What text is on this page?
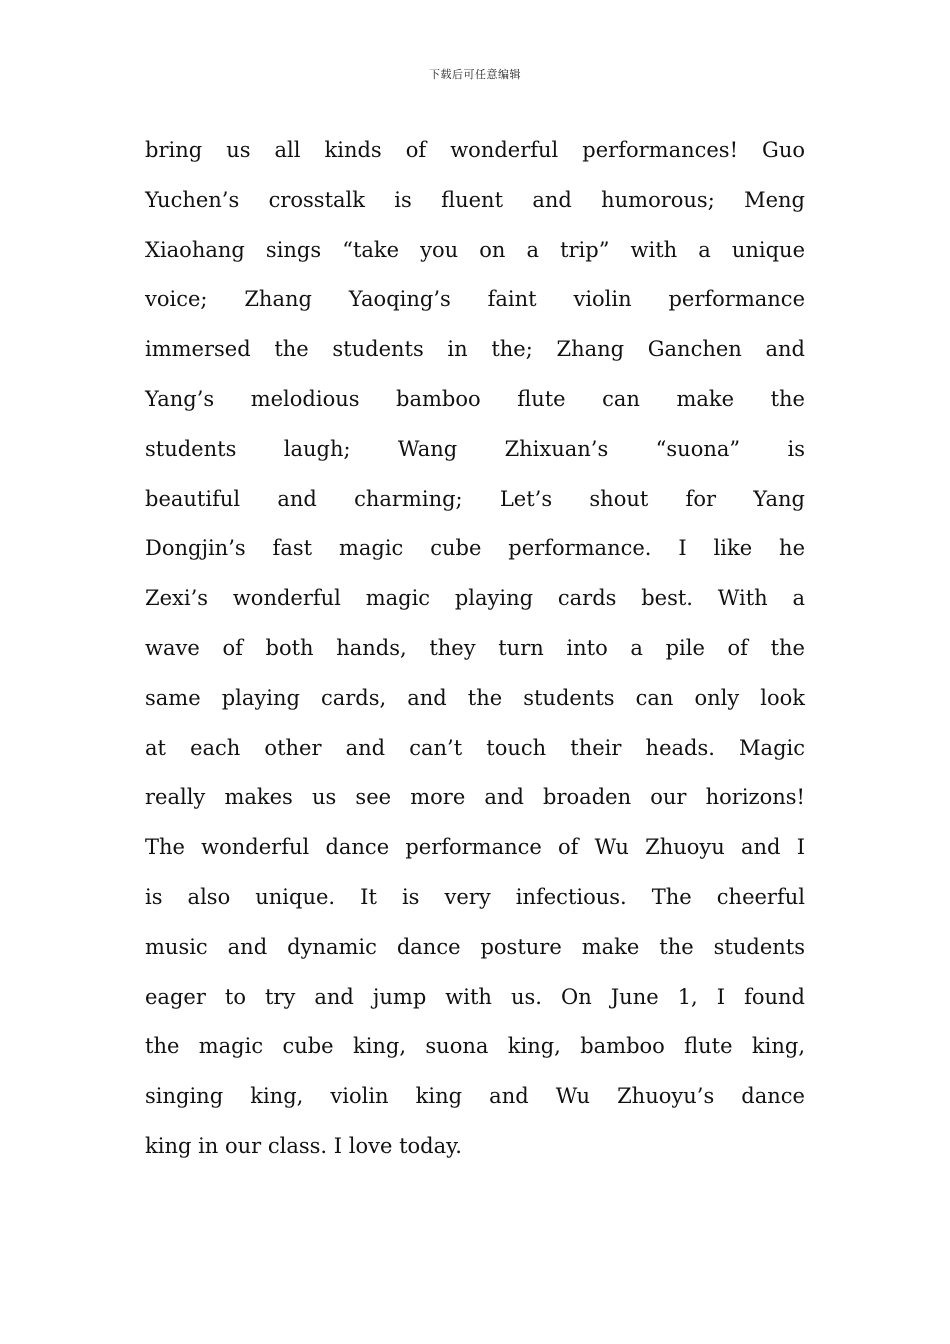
下载后可任意编辑
bring us all kinds of wonderful performances! Guo
Yuchen’s crosstalk is fluent and humorous; Meng
Xiaohang sings “take you on a trip” with a unique
voice; Zhang Yaoqing’s faint violin performance
immersed the students in the; Zhang Ganchen and
Yang’s melodious bamboo flute can make the
students laugh; Wang Zhixuan’s “suona” is
beautiful and charming; Let’s shout for Yang
Dongjin’s fast magic cube performance. I like he
Zexi’s wonderful magic playing cards best. With a
wave of both hands, they turn into a pile of the
same playing cards, and the students can only look
at each other and can’t touch their heads. Magic
really makes us see more and broaden our horizons!
The wonderful dance performance of Wu Zhuoyu and I
is also unique. It is very infectious. The cheerful
music and dynamic dance posture make the students
eager to try and jump with us. On June 1, I found
the magic cube king, suona king, bamboo flute king,
singing king, violin king and Wu Zhuoyu’s dance
king in our class. I love today.
